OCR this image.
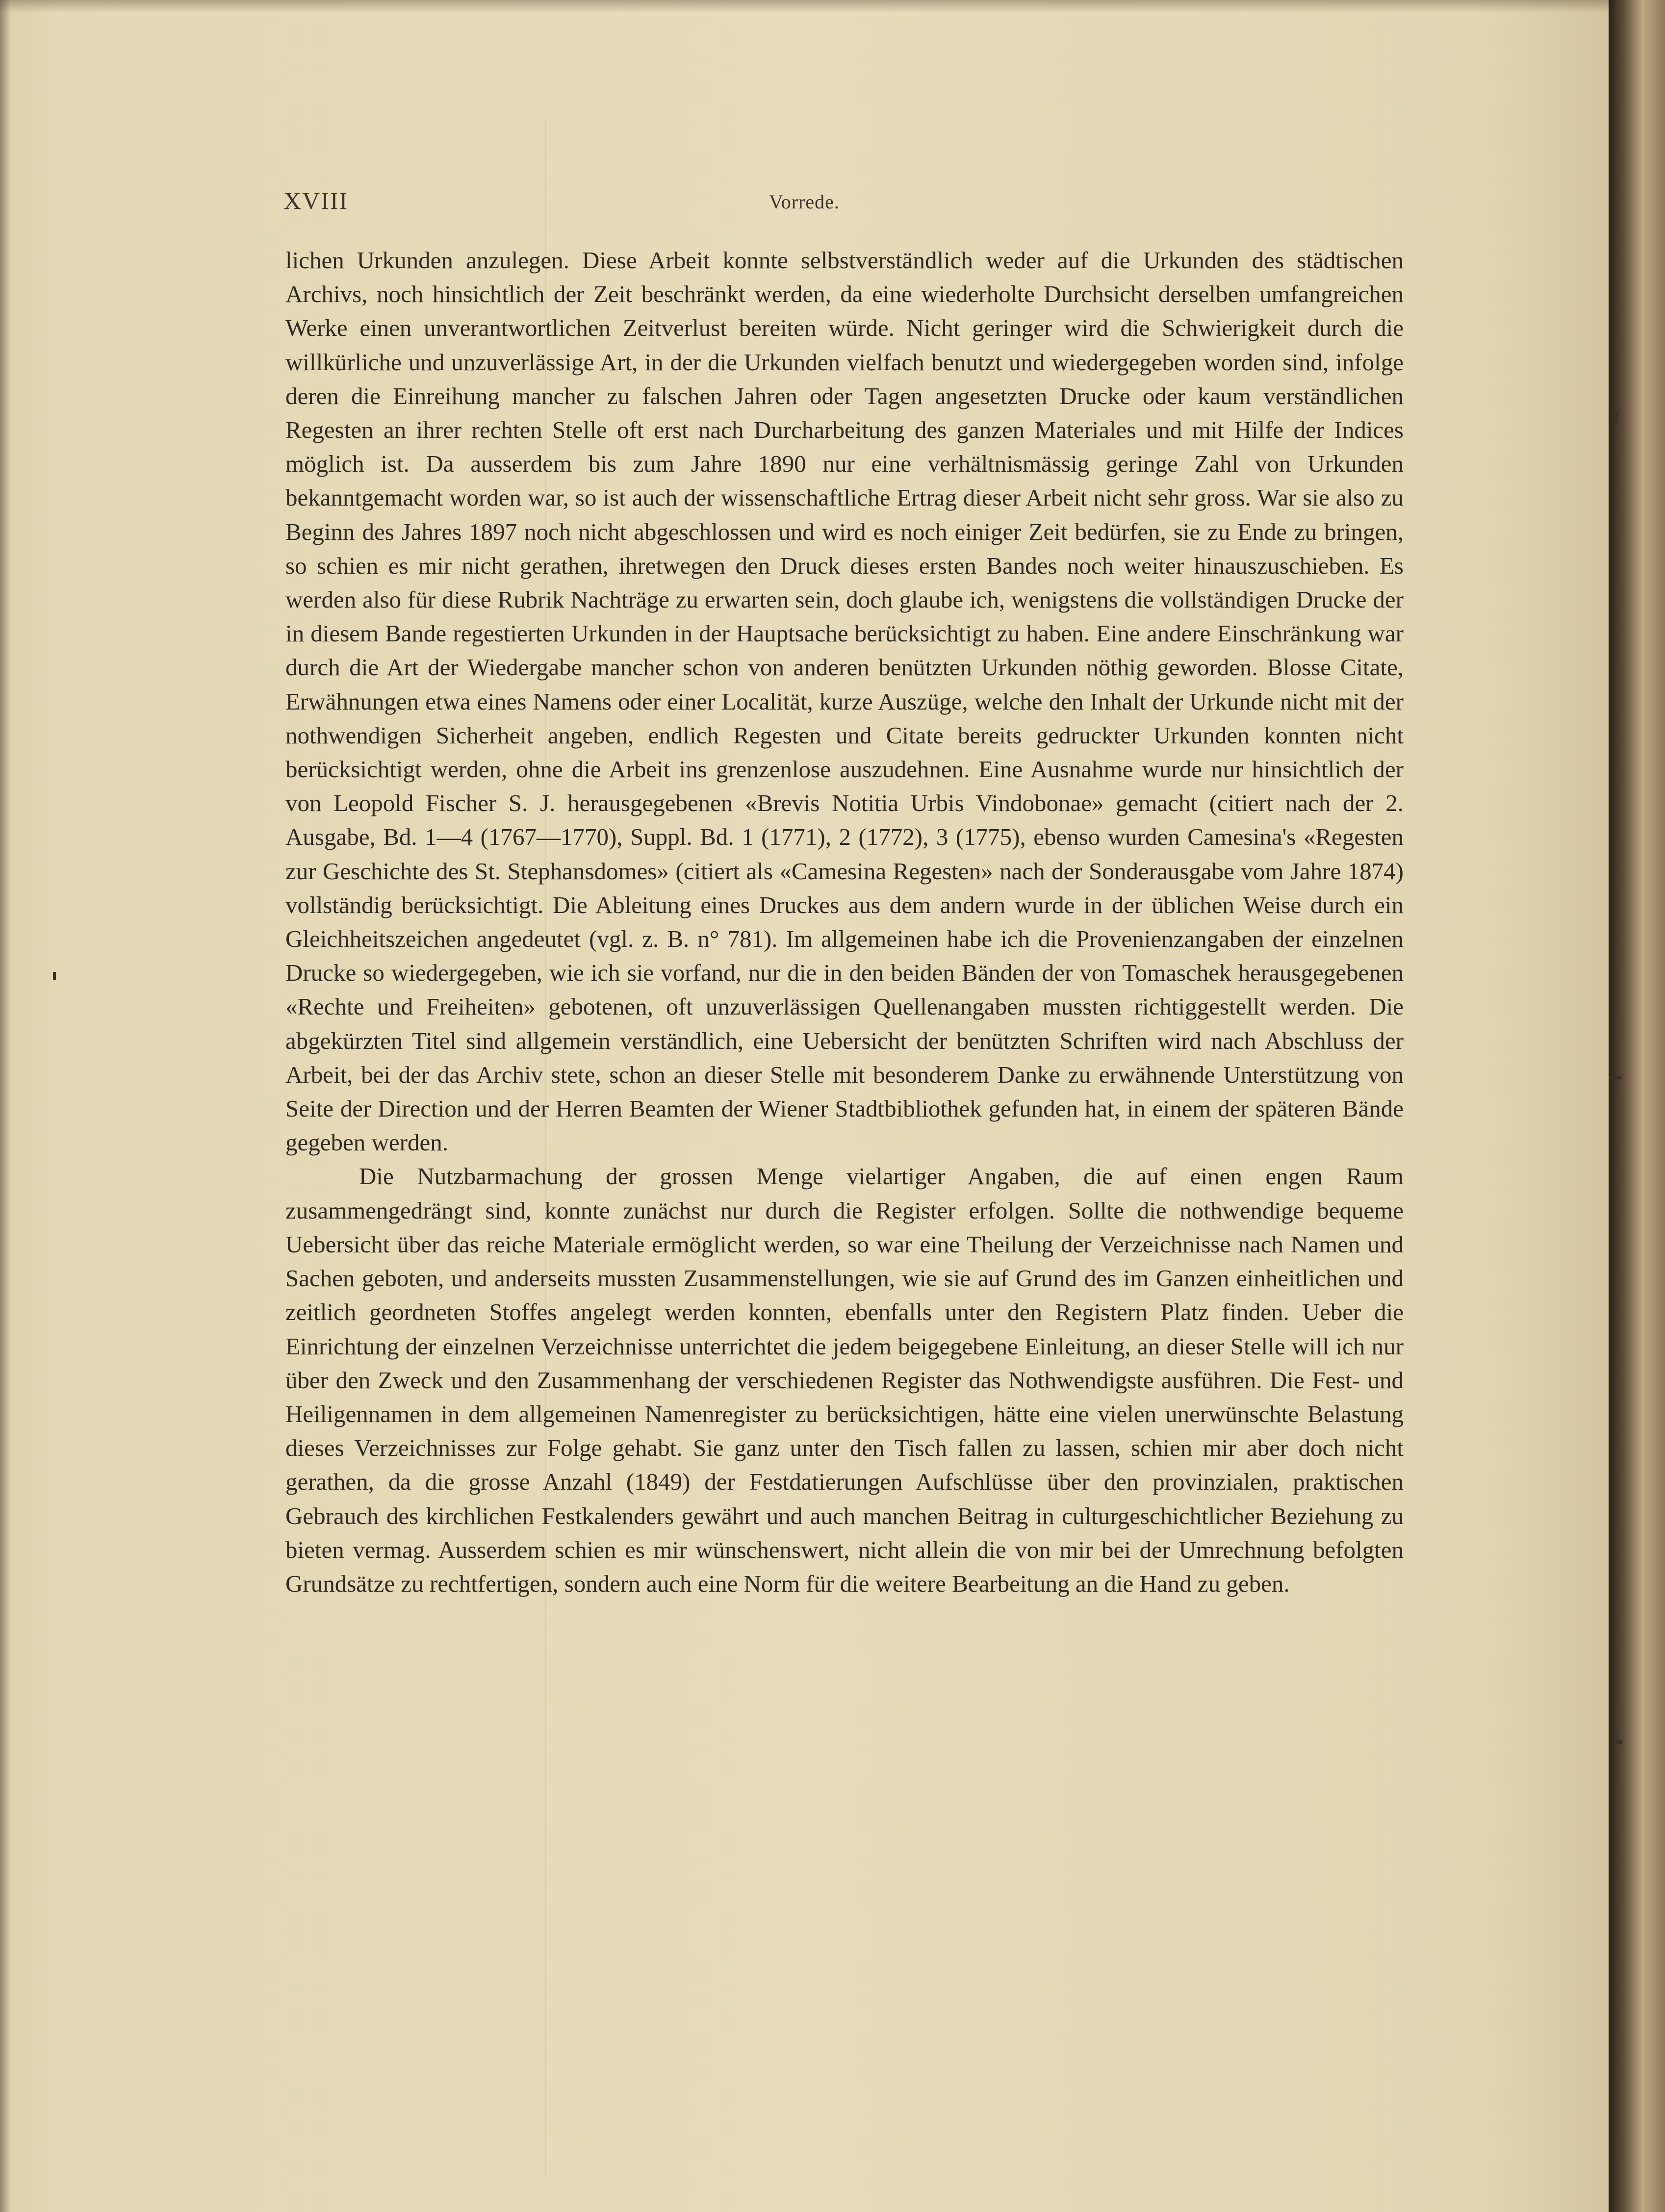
XVIII	Vorrede.

lichen Urkunden anzulegen. Diese Arbeit konnte selbstverständlich weder auf die Urkunden des städtischen Archivs, noch hinsichtlich der Zeit beschränkt werden, da eine wiederholte Durchsicht derselben umfangreichen Werke einen unverantwortlichen Zeitverlust bereiten würde. Nicht geringer wird die Schwierigkeit durch die willkürliche und unzuverlässige Art, in der die Urkunden vielfach benutzt und wiedergegeben worden sind, infolge deren die Einreihung mancher zu falschen Jahren oder Tagen angesetzten Drucke oder kaum verständlichen Regesten an ihrer rechten Stelle oft erst nach Durcharbeitung des ganzen Materiales und mit Hilfe der Indices möglich ist. Da ausserdem bis zum Jahre 1890 nur eine verhältnismässig geringe Zahl von Urkunden bekanntgemacht worden war, so ist auch der wissenschaftliche Ertrag dieser Arbeit nicht sehr gross. War sie also zu Beginn des Jahres 1897 noch nicht abgeschlossen und wird es noch einiger Zeit bedürfen, sie zu Ende zu bringen, so schien es mir nicht gerathen, ihretwegen den Druck dieses ersten Bandes noch weiter hinauszuschieben. Es werden also für diese Rubrik Nachträge zu erwarten sein, doch glaube ich, wenigstens die vollständigen Drucke der in diesem Bande regestierten Urkunden in der Hauptsache berücksichtigt zu haben. Eine andere Einschränkung war durch die Art der Wiedergabe mancher schon von anderen benützten Urkunden nöthig geworden. Blosse Citate, Erwähnungen etwa eines Namens oder einer Localität, kurze Auszüge, welche den Inhalt der Urkunde nicht mit der nothwendigen Sicherheit angeben, endlich Regesten und Citate bereits gedruckter Urkunden konnten nicht berücksichtigt werden, ohne die Arbeit ins grenzenlose auszudehnen. Eine Ausnahme wurde nur hinsichtlich der von Leopold Fischer S. J. herausgegebenen «Brevis Notitia Urbis Vindobonae» gemacht (citiert nach der 2. Ausgabe, Bd. 1—4 (1767—1770), Suppl. Bd. 1 (1771), 2 (1772), 3 (1775), ebenso wurden Camesina's «Regesten zur Geschichte des St. Stephansdomes» (citiert als «Camesina Regesten» nach der Sonderausgabe vom Jahre 1874) vollständig berücksichtigt. Die Ableitung eines Druckes aus dem andern wurde in der üblichen Weise durch ein Gleichheitszeichen angedeutet (vgl. z. B. n° 781). Im allgemeinen habe ich die Provenienzangaben der einzelnen Drucke so wiedergegeben, wie ich sie vorfand, nur die in den beiden Bänden der von Tomaschek herausgegebenen «Rechte und Freiheiten» gebotenen, oft unzuverlässigen Quellenangaben mussten richtiggestellt werden. Die abgekürzten Titel sind allgemein verständlich, eine Uebersicht der benützten Schriften wird nach Abschluss der Arbeit, bei der das Archiv stete, schon an dieser Stelle mit besonderem Danke zu erwähnende Unterstützung von Seite der Direction und der Herren Beamten der Wiener Stadtbibliothek gefunden hat, in einem der späteren Bände gegeben werden.

Die Nutzbarmachung der grossen Menge vielartiger Angaben, die auf einen engen Raum zusammengedrängt sind, konnte zunächst nur durch die Register erfolgen. Sollte die nothwendige bequeme Uebersicht über das reiche Materiale ermöglicht werden, so war eine Theilung der Verzeichnisse nach Namen und Sachen geboten, und anderseits mussten Zusammenstellungen, wie sie auf Grund des im Ganzen einheitlichen und zeitlich geordneten Stoffes angelegt werden konnten, ebenfalls unter den Registern Platz finden. Ueber die Einrichtung der einzelnen Verzeichnisse unterrichtet die jedem beigegebene Einleitung, an dieser Stelle will ich nur über den Zweck und den Zusammenhang der verschiedenen Register das Nothwendigste ausführen. Die Fest- und Heiligennamen in dem allgemeinen Namenregister zu berücksichtigen, hätte eine vielen unerwünschte Belastung dieses Verzeichnisses zur Folge gehabt. Sie ganz unter den Tisch fallen zu lassen, schien mir aber doch nicht gerathen, da die grosse Anzahl (1849) der Festdatierungen Aufschlüsse über den provinzialen, praktischen Gebrauch des kirchlichen Festkalenders gewährt und auch manchen Beitrag in culturgeschichtlicher Beziehung zu bieten vermag. Ausserdem schien es mir wünschenswert, nicht allein die von mir bei der Umrechnung befolgten Grundsätze zu rechtfertigen, sondern auch eine Norm für die weitere Bearbeitung an die Hand zu geben.
